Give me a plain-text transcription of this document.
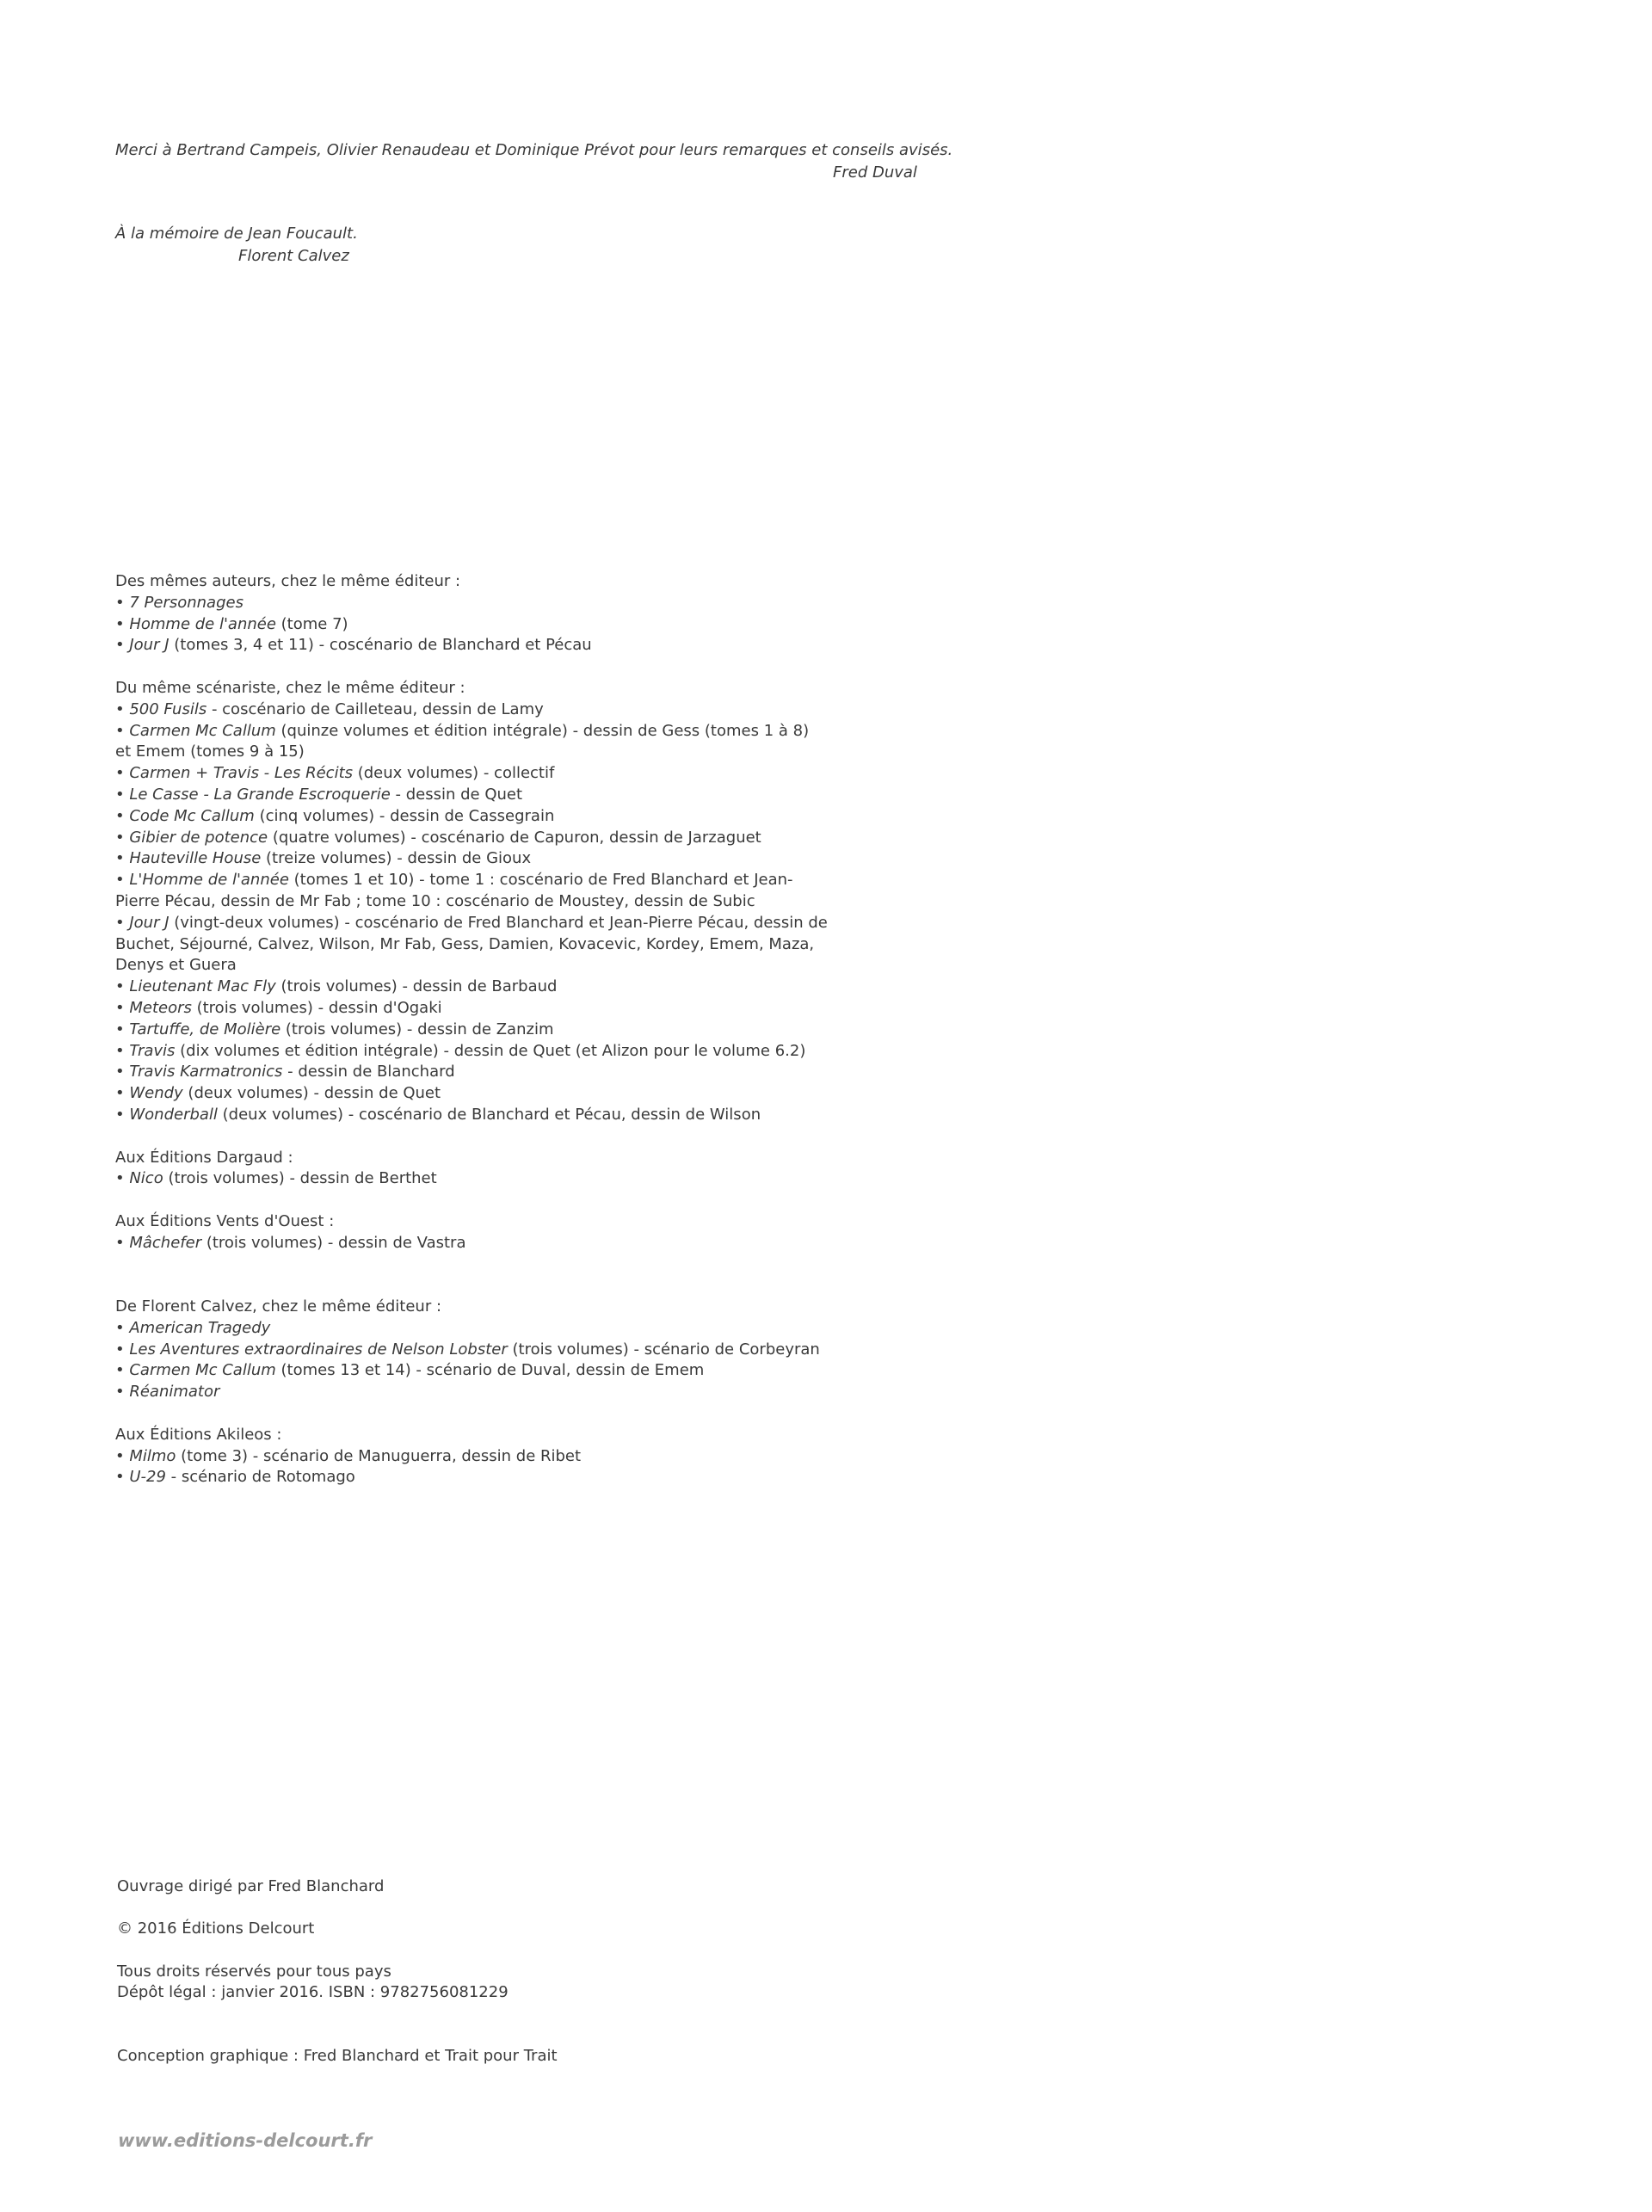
Merci à Bertrand Campeis, Olivier Renaudeau et Dominique Prévot pour leurs remarques et conseils avisés.
Fred Duval
À la mémoire de Jean Foucault.
Florent Calvez
Des mêmes auteurs, chez le même éditeur :
• 7 Personnages
• Homme de l'année (tome 7)
• Jour J (tomes 3, 4 et 11) - coscénario de Blanchard et Pécau
Du même scénariste, chez le même éditeur :
• 500 Fusils - coscénario de Cailleteau, dessin de Lamy
• Carmen Mc Callum (quinze volumes et édition intégrale) - dessin de Gess (tomes 1 à 8)
et Emem (tomes 9 à 15)
• Carmen + Travis - Les Récits (deux volumes) - collectif
• Le Casse - La Grande Escroquerie - dessin de Quet
• Code Mc Callum (cinq volumes) - dessin de Cassegrain
• Gibier de potence (quatre volumes) - coscénario de Capuron, dessin de Jarzaguet
• Hauteville House (treize volumes) - dessin de Gioux
• L'Homme de l'année (tomes 1 et 10) - tome 1 : coscénario de Fred Blanchard et Jean-
Pierre Pécau, dessin de Mr Fab ; tome 10 : coscénario de Moustey, dessin de Subic
• Jour J (vingt-deux volumes) - coscénario de Fred Blanchard et Jean-Pierre Pécau, dessin de
Buchet, Séjourné, Calvez, Wilson, Mr Fab, Gess, Damien, Kovacevic, Kordey, Emem, Maza,
Denys et Guera
• Lieutenant Mac Fly (trois volumes) - dessin de Barbaud
• Meteors (trois volumes) - dessin d'Ogaki
• Tartuffe, de Molière (trois volumes) - dessin de Zanzim
• Travis (dix volumes et édition intégrale) - dessin de Quet (et Alizon pour le volume 6.2)
• Travis Karmatronics - dessin de Blanchard
• Wendy (deux volumes) - dessin de Quet
• Wonderball (deux volumes) - coscénario de Blanchard et Pécau, dessin de Wilson
Aux Éditions Dargaud :
• Nico (trois volumes) - dessin de Berthet
Aux Éditions Vents d'Ouest :
• Mâchefer (trois volumes) - dessin de Vastra
De Florent Calvez, chez le même éditeur :
• American Tragedy
• Les Aventures extraordinaires de Nelson Lobster (trois volumes) - scénario de Corbeyran
• Carmen Mc Callum (tomes 13 et 14) - scénario de Duval, dessin de Emem
• Réanimator
Aux Éditions Akileos :
• Milmo (tome 3) - scénario de Manuguerra, dessin de Ribet
• U-29 - scénario de Rotomago
Ouvrage dirigé par Fred Blanchard
© 2016 Éditions Delcourt
Tous droits réservés pour tous pays
Dépôt légal : janvier 2016. ISBN : 9782756081229
Conception graphique : Fred Blanchard et Trait pour Trait
www.editions-delcourt.fr
